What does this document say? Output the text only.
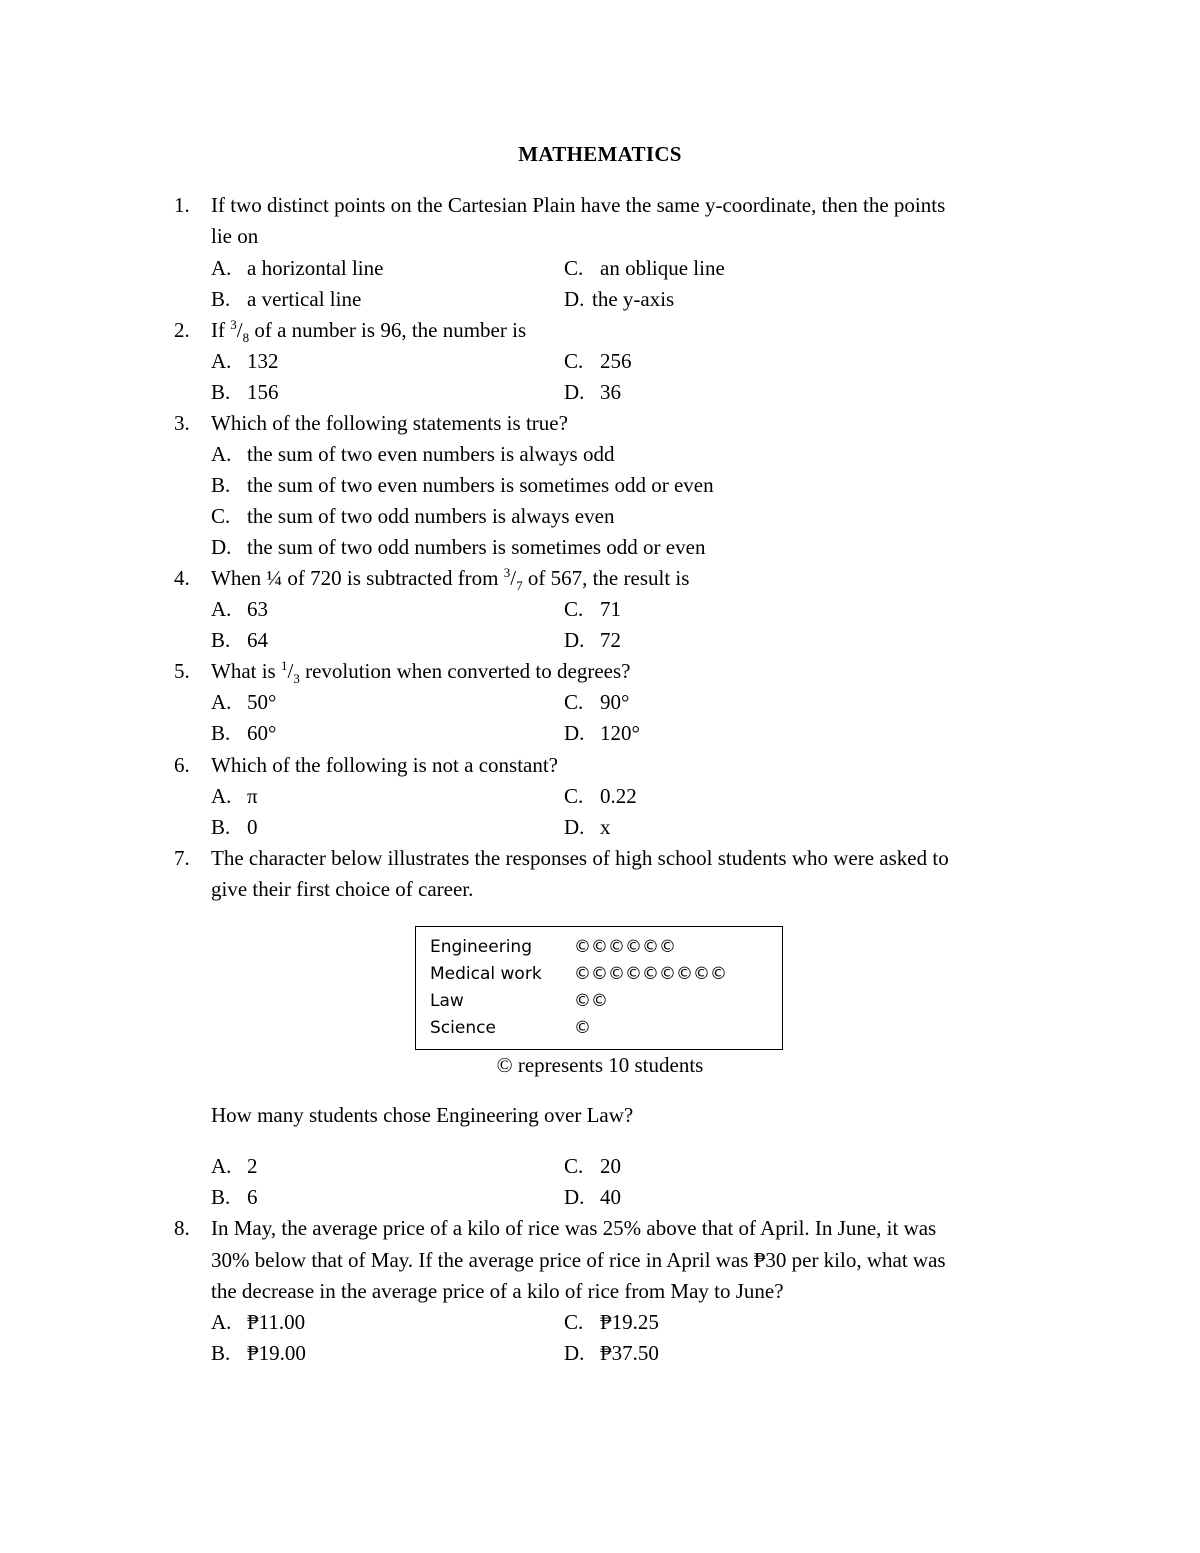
MATHEMATICS
1. If two distinct points on the Cartesian Plain have the same y-coordinate, then the points
lie on
A. a horizontal line	C. an oblique line
B. a vertical line	D. the y-axis
2. If $^3/_8$ of a number is 96, the number is
A. 132	C. 256
B. 156	D. 36
3. Which of the following statements is true?
A. the sum of two even numbers is always odd
B. the sum of two even numbers is sometimes odd or even
C. the sum of two odd numbers is always even
D. the sum of two odd numbers is sometimes odd or even
4. When ¼ of 720 is subtracted from $^3/_7$ of 567, the result is
A. 63	C. 71
B. 64	D. 72
5. What is $^1/_3$ revolution when converted to degrees?
A. 50°	C. 90°
B. 60°	D. 120°
6. Which of the following is not a constant?
A. π	C. 0.22
B. 0	D. x
7. The character below illustrates the responses of high school students who were asked to
give their first choice of career.
Engineering ©©©©©©
Medical work ©©©©©©©©©
Law	©©
Science	©
© represents 10 students
How many students chose Engineering over Law?
A. 2	C. 20
B. 6	D. 40
8. In May, the average price of a kilo of rice was 25% above that of April. In June, it was
30% below that of May. If the average price of rice in April was ₱30 per kilo, what was
the decrease in the average price of a kilo of rice from May to June?
A. ₱11.00	C. ₱19.25
B. ₱19.00	D. ₱37.50
